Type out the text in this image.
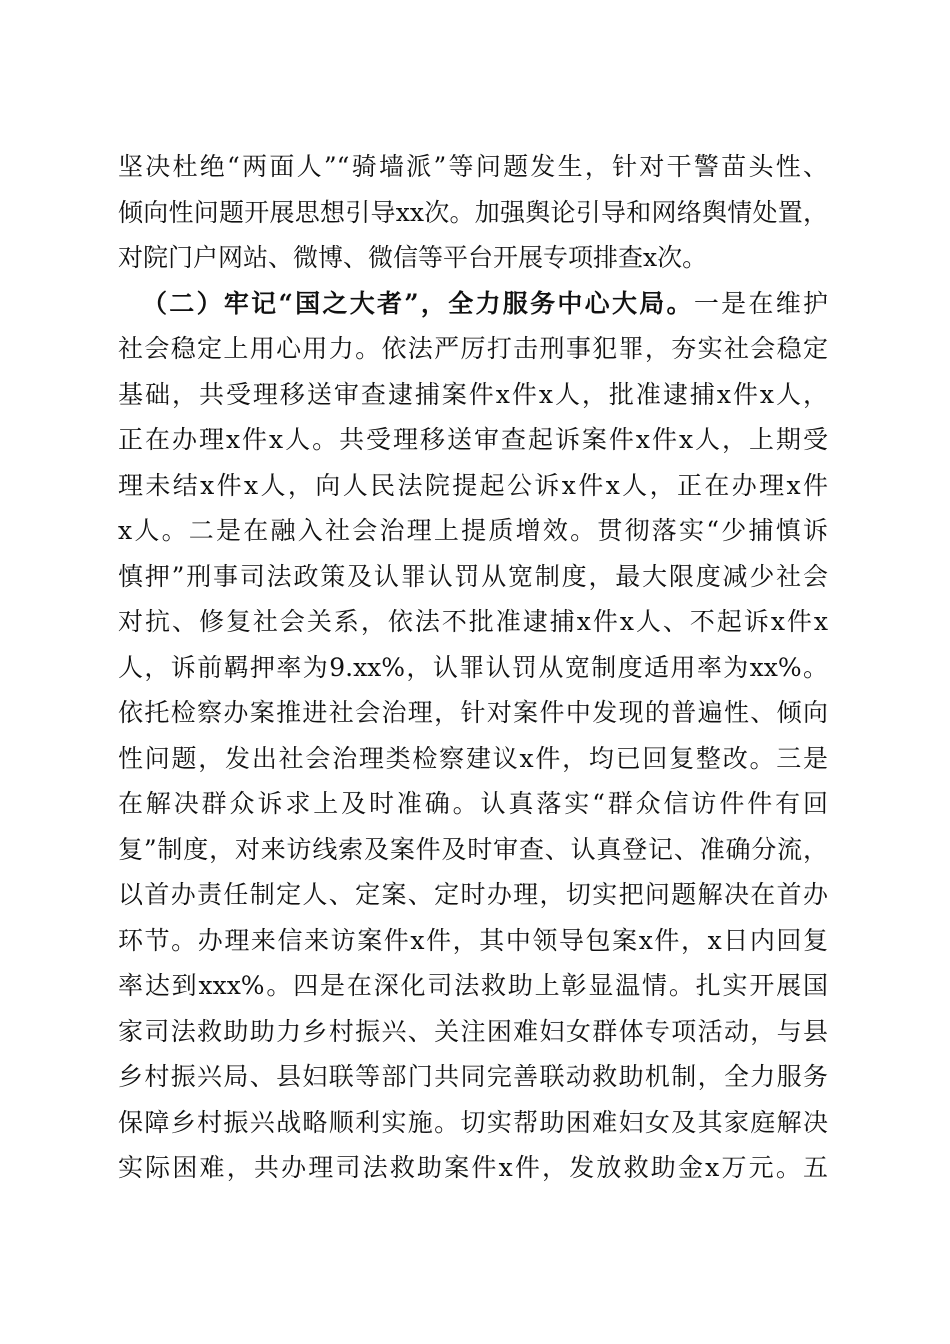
坚决杜绝“两面人”“骑墙派”等问题发生，针对干警苗头性、
倾向性问题开展思想引导xx次。加强舆论引导和网络舆情处置，
对院门户网站、微博、微信等平台开展专项排查x次。
（二）牢记“国之大者”，全力服务中心大局。一是在维护
社会稳定上用心用力。依法严厉打击刑事犯罪，夯实社会稳定
基础，共受理移送审查逮捕案件x件x人，批准逮捕x件x人，
正在办理x件x人。共受理移送审查起诉案件x件x人，上期受
理未结x件x人，向人民法院提起公诉x件x人，正在办理x件
x人。二是在融入社会治理上提质增效。贯彻落实“少捕慎诉
慎押”刑事司法政策及认罪认罚从宽制度，最大限度减少社会
对抗、修复社会关系，依法不批准逮捕x件x人、不起诉x件x
人，诉前羁押率为9.xx%，认罪认罚从宽制度适用率为xx%。
依托检察办案推进社会治理，针对案件中发现的普遍性、倾向
性问题，发出社会治理类检察建议x件，均已回复整改。三是
在解决群众诉求上及时准确。认真落实“群众信访件件有回
复”制度，对来访线索及案件及时审查、认真登记、准确分流，
以首办责任制定人、定案、定时办理，切实把问题解决在首办
环节。办理来信来访案件x件，其中领导包案x件，x日内回复
率达到xxx%。四是在深化司法救助上彰显温情。扎实开展国
家司法救助助力乡村振兴、关注困难妇女群体专项活动，与县
乡村振兴局、县妇联等部门共同完善联动救助机制，全力服务
保障乡村振兴战略顺利实施。切实帮助困难妇女及其家庭解决
实际困难，共办理司法救助案件x件，发放救助金x万元。五
